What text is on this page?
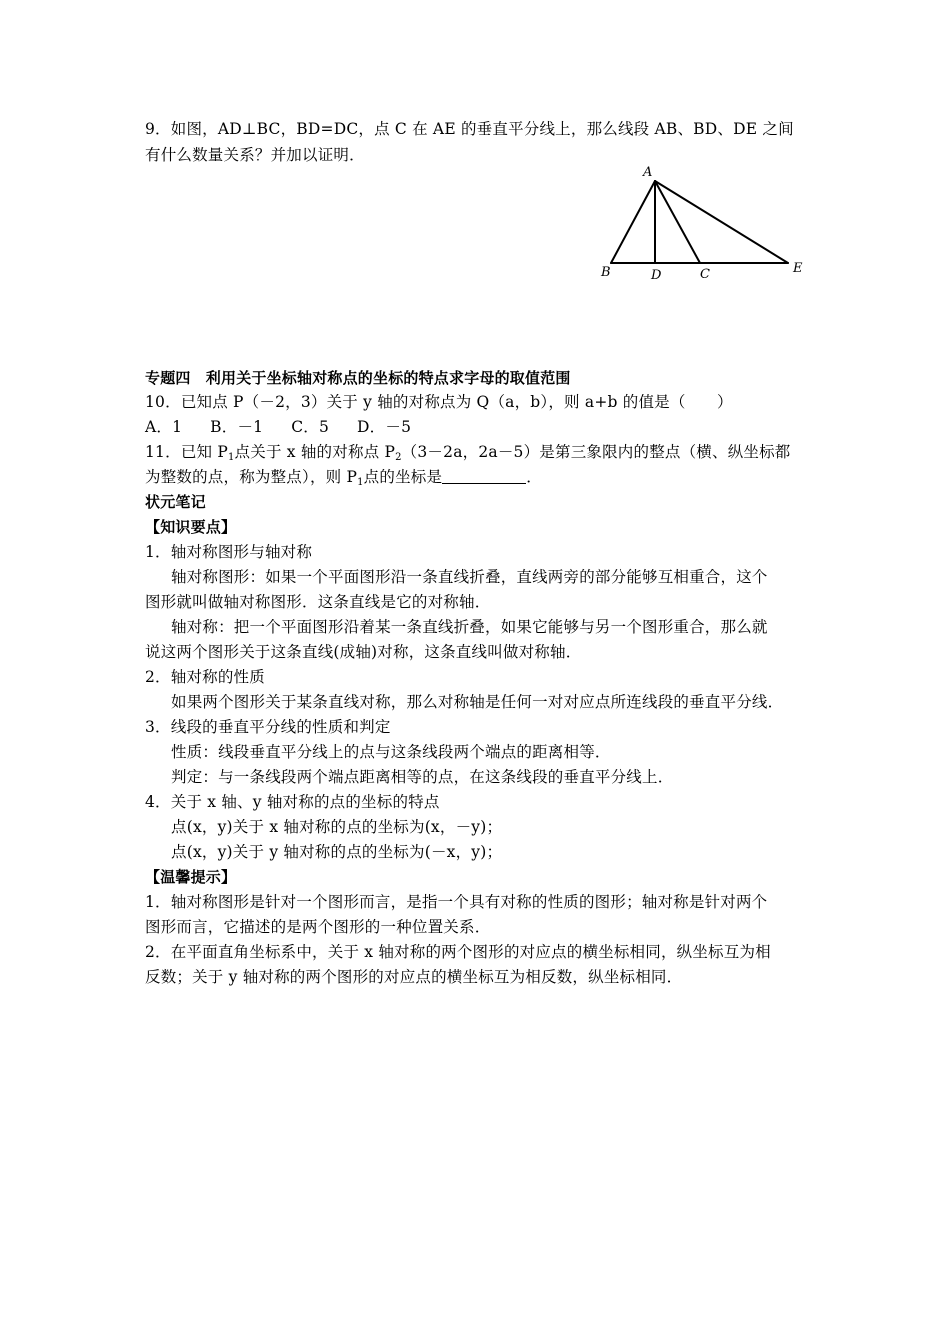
9．如图，AD⊥BC，BD=DC，点 C 在 AE 的垂直平分线上，那么线段 AB、BD、DE 之间
有什么数量关系？并加以证明．
A
B	D	C	E
专题四　利用关于坐标轴对称点的坐标的特点求字母的取值范围
10．已知点 P（－2，3）关于 y 轴的对称点为 Q（a，b），则 a+b 的值是（　　）
A．1 B．－1 C．5 D．－5
11．已知 $P_1$点关于 x 轴的对称点 $P_2(3-2a$，2a－5）是第三象限内的整点（横、纵坐标都
为整数的点，称为整点），则 $P_1$点的坐标是	．
状元笔记
【知识要点】
1．轴对称图形与轴对称
轴对称图形：如果一个平面图形沿一条直线折叠，直线两旁的部分能够互相重合，这个
图形就叫做轴对称图形．这条直线是它的对称轴．
轴对称：把一个平面图形沿着某一条直线折叠，如果它能够与另一个图形重合，那么就
说这两个图形关于这条直线(成轴)对称，这条直线叫做对称轴．
2．轴对称的性质
如果两个图形关于某条直线对称，那么对称轴是任何一对对应点所连线段的垂直平分线．
3．线段的垂直平分线的性质和判定
性质：线段垂直平分线上的点与这条线段两个端点的距离相等．
判定：与一条线段两个端点距离相等的点，在这条线段的垂直平分线上．
4．关于 x 轴、y 轴对称的点的坐标的特点
点(x，y)关于 x 轴对称的点的坐标为(x，－y)；
点(x，y)关于 y 轴对称的点的坐标为(－x，y)；
【温馨提示】
1．轴对称图形是针对一个图形而言，是指一个具有对称的性质的图形；轴对称是针对两个
图形而言，它描述的是两个图形的一种位置关系．
2．在平面直角坐标系中，关于 x 轴对称的两个图形的对应点的横坐标相同，纵坐标互为相
反数；关于 y 轴对称的两个图形的对应点的横坐标互为相反数，纵坐标相同．
